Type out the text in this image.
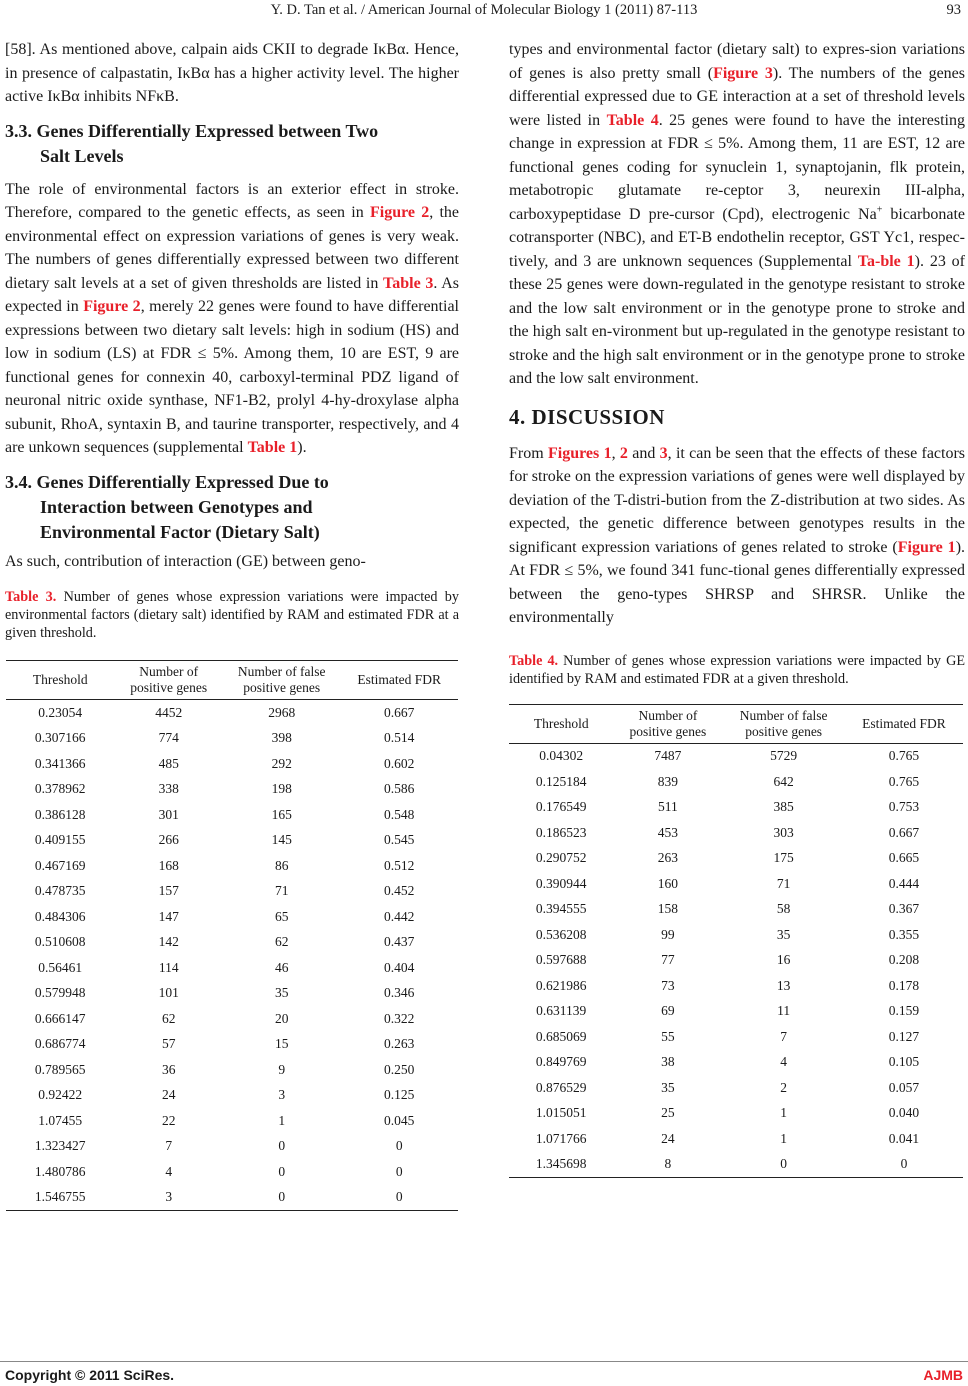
Y. D. Tan et al. / American Journal of Molecular Biology 1 (2011) 87-113	93

[58]. As mentioned above, calpain aids CKII to degrade IκBα. Hence, in presence of calpastatin, IκBα has a higher activity level. The higher active IκBα inhibits NFκB.

3.3. Genes Differentially Expressed between Two
Salt Levels

The role of environmental factors is an exterior effect in stroke. Therefore, compared to the genetic effects, as seen in Figure 2, the environmental effect on expression variations of genes is very weak. The numbers of genes differentially expressed between two different dietary salt levels at a set of given thresholds are listed in Table 3. As expected in Figure 2, merely 22 genes were found to have differential expressions between two dietary salt levels: high in sodium (HS) and low in sodium (LS) at FDR ≤ 5%. Among them, 10 are EST, 9 are functional genes for connexin 40, carboxyl-terminal PDZ ligand of neuronal nitric oxide synthase, NF1-B2, prolyl 4-hy-droxylase alpha subunit, RhoA, syntaxin B, and taurine transporter, respectively, and 4 are unkown sequences (supplemental Table 1).

3.4. Genes Differentially Expressed Due to
Interaction between Genotypes and
Environmental Factor (Dietary Salt)

As such, contribution of interaction (GE) between geno-

Table 3. Number of genes whose expression variations were impacted by environmental factors (dietary salt) identified by RAM and estimated FDR at a given threshold.

Threshold	Number of positive genes	Number of false positive genes	Estimated FDR
0.23054	4452	2968	0.667
0.307166	774	398	0.514
0.341366	485	292	0.602
0.378962	338	198	0.586
0.386128	301	165	0.548
0.409155	266	145	0.545
0.467169	168	86	0.512
0.478735	157	71	0.452
0.484306	147	65	0.442
0.510608	142	62	0.437
0.56461	114	46	0.404
0.579948	101	35	0.346
0.666147	62	20	0.322
0.686774	57	15	0.263
0.789565	36	9	0.250
0.92422	24	3	0.125
1.07455	22	1	0.045
1.323427	7	0	0
1.480786	4	0	0
1.546755	3	0	0

types and environmental factor (dietary salt) to expres-sion variations of genes is also pretty small (Figure 3). The numbers of the genes differential expressed due to GE interaction at a set of threshold levels were listed in Table 4. 25 genes were found to have the interesting change in expression at FDR ≤ 5%. Among them, 11 are EST, 12 are functional genes coding for synuclein 1, synaptojanin, flk protein, metabotropic glutamate re-ceptor 3, neurexin III-alpha, carboxypeptidase D pre-cursor (Cpd), electrogenic Na+ bicarbonate cotransporter (NBC), and ET-B endothelin receptor, GST Yc1, respec-tively, and 3 are unknown sequences (Supplemental Ta-ble 1). 23 of these 25 genes were down-regulated in the genotype resistant to stroke and the low salt environment or in the genotype prone to stroke and the high salt en-vironment but up-regulated in the genotype resistant to stroke and the high salt environment or in the genotype prone to stroke and the low salt environment.

4. DISCUSSION

From Figures 1, 2 and 3, it can be seen that the effects of these factors for stroke on the expression variations of genes were well displayed by deviation of the T-distri-bution from the Z-distribution at two sides. As expected, the genetic difference between genotypes results in the significant expression variations of genes related to stroke (Figure 1). At FDR ≤ 5%, we found 341 func-tional genes differentially expressed between the geno-types SHRSP and SHRSR. Unlike the environmentally

Table 4. Number of genes whose expression variations were impacted by GE identified by RAM and estimated FDR at a given threshold.

Threshold	Number of positive genes	Number of false positive genes	Estimated FDR
0.04302	7487	5729	0.765
0.125184	839	642	0.765
0.176549	511	385	0.753
0.186523	453	303	0.667
0.290752	263	175	0.665
0.390944	160	71	0.444
0.394555	158	58	0.367
0.536208	99	35	0.355
0.597688	77	16	0.208
0.621986	73	13	0.178
0.631139	69	11	0.159
0.685069	55	7	0.127
0.849769	38	4	0.105
0.876529	35	2	0.057
1.015051	25	1	0.040
1.071766	24	1	0.041
1.345698	8	0	0
Copyright © 2011 SciRes.	AJMB
